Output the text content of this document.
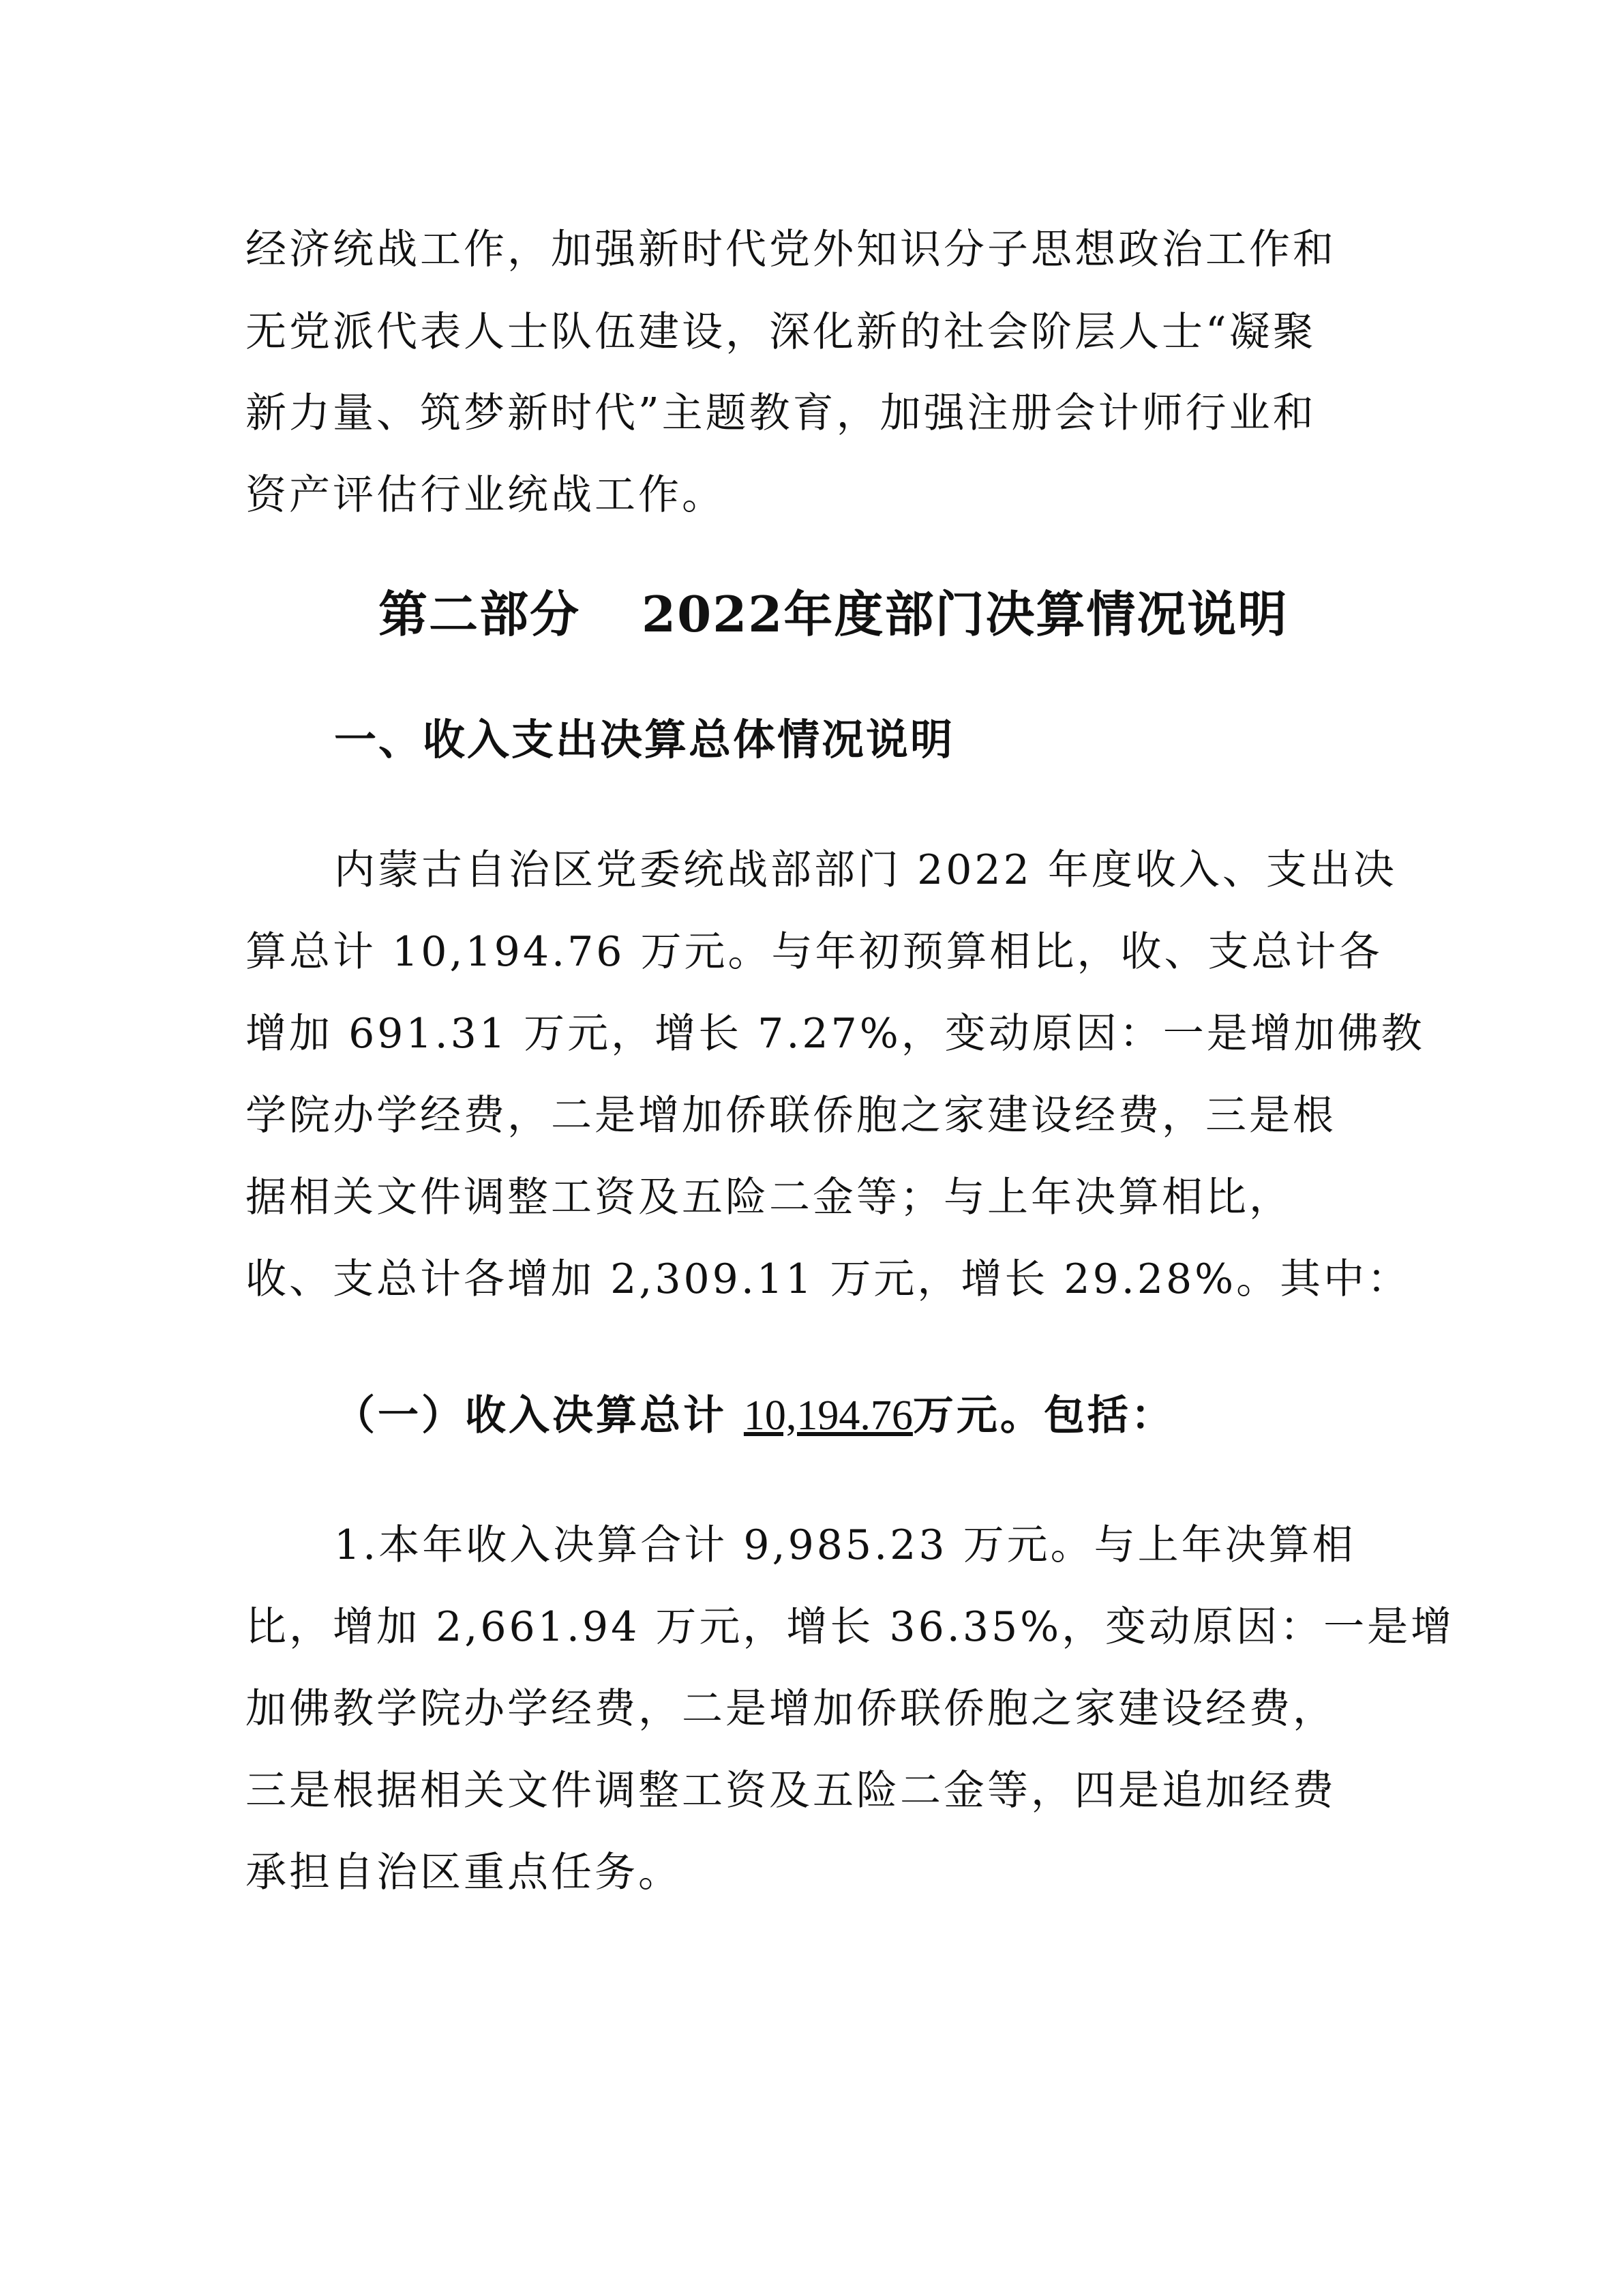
经济统战工作，加强新时代党外知识分子思想政治工作和
无党派代表人士队伍建设，深化新的社会阶层人士“凝聚
新力量、筑梦新时代”主题教育，加强注册会计师行业和
资产评估行业统战工作。
第二部分 2022年度部门决算情况说明
一、收入支出决算总体情况说明
内蒙古自治区党委统战部部门 2022 年度收入、支出决
算总计 10,194.76 万元。与年初预算相比，收、支总计各
增加 691.31 万元，增长 7.27%，变动原因：一是增加佛教
学院办学经费，二是增加侨联侨胞之家建设经费，三是根
据相关文件调整工资及五险二金等；与上年决算相比，
收、支总计各增加 2,309.11 万元，增长 29.28%。其中：
（一）收入决算总计 10,194.76万元。包括：
1.本年收入决算合计 9,985.23 万元。与上年决算相
比，增加 2,661.94 万元，增长 36.35%，变动原因：一是增
加佛教学院办学经费，二是增加侨联侨胞之家建设经费，
三是根据相关文件调整工资及五险二金等，四是追加经费
承担自治区重点任务。
